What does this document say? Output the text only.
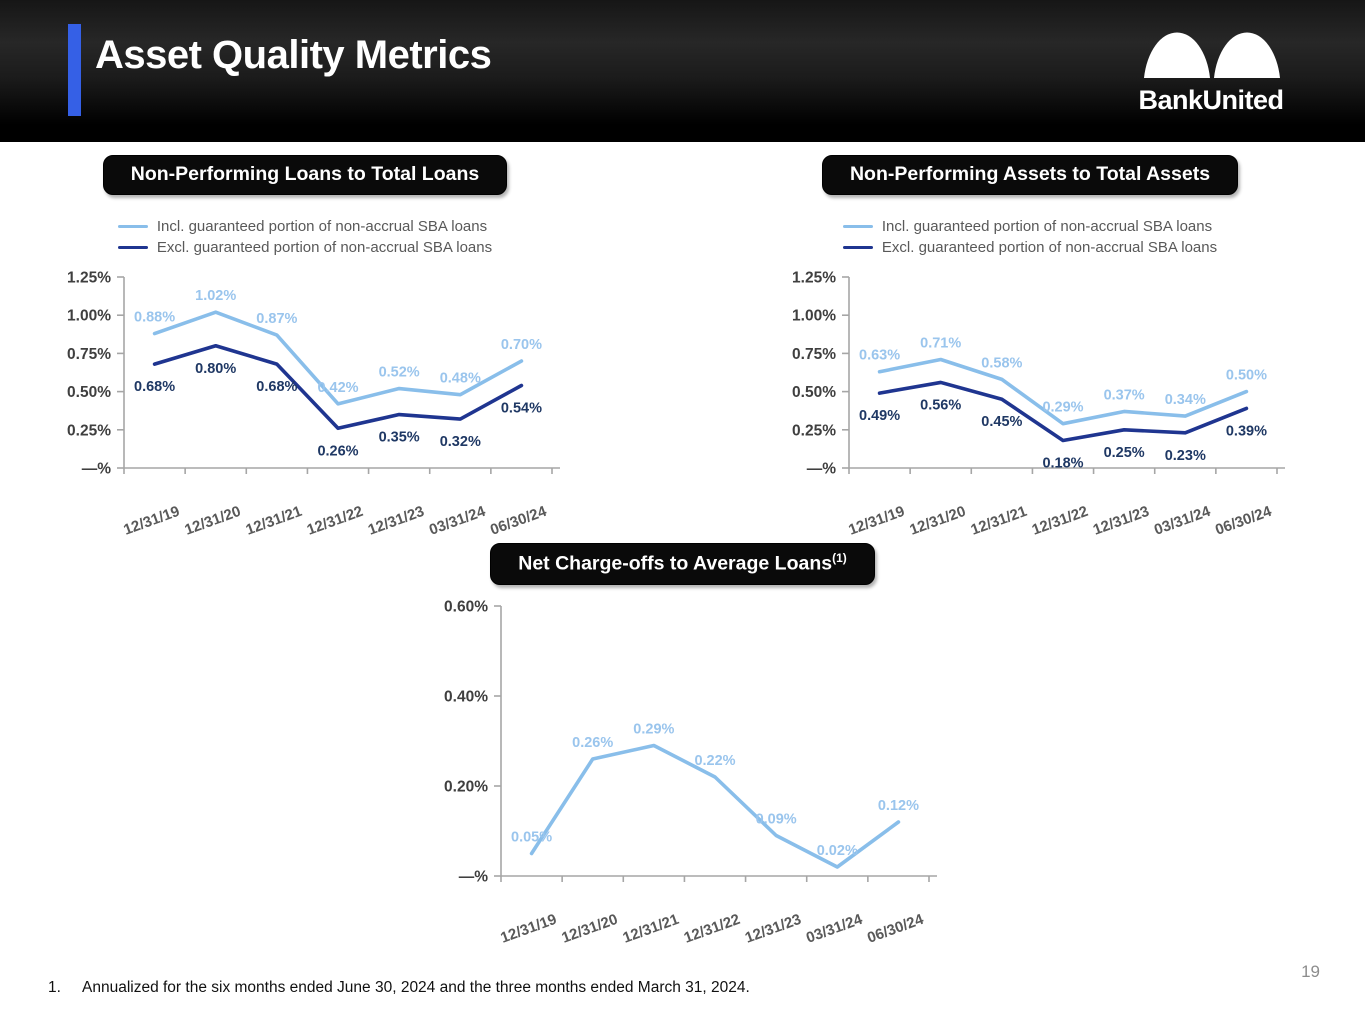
Asset Quality Metrics
BankUnited
Non-Performing Loans to Total Loans
Incl. guaranteed portion of non-accrual SBA loans
Excl. guaranteed portion of non-accrual SBA loans
—%
0.25%
0.50%
0.75%
1.00%
1.25%
12/31/19 12/31/20 12/31/21 12/31/22 12/31/23 03/31/24 06/30/24
0.88%
1.02%
0.87%
0.42%
0.52% 0.48%
0.70%
0.68%
0.80%
0.68%
0.26%
0.35% 0.32%
0.54%
Non-Performing Assets to Total Assets
Incl. guaranteed portion of non-accrual SBA loans
Excl. guaranteed portion of non-accrual SBA loans
—%
0.25%
0.50%
0.75%
1.00%
1.25%
12/31/19 12/31/20 12/31/21 12/31/22 12/31/23 03/31/24 06/30/24
0.63%
0.71%
0.58%
0.29%
0.37% 0.34%
0.50%
0.49%
0.56%
0.45%
0.18%
0.25% 0.23%
0.39%
Net Charge-offs to Average Loans$^{(1)}$
—%
0.20%
0.40%
0.60%
12/31/19 12/31/20 12/31/21 12/31/22 12/31/23 03/31/24 06/30/24
0.05%
0.26%
0.29%
0.22%
0.09%
0.02%
0.12%
1.	Annualized for the six months ended June 30, 2024 and the three months ended March 31, 2024.
19
